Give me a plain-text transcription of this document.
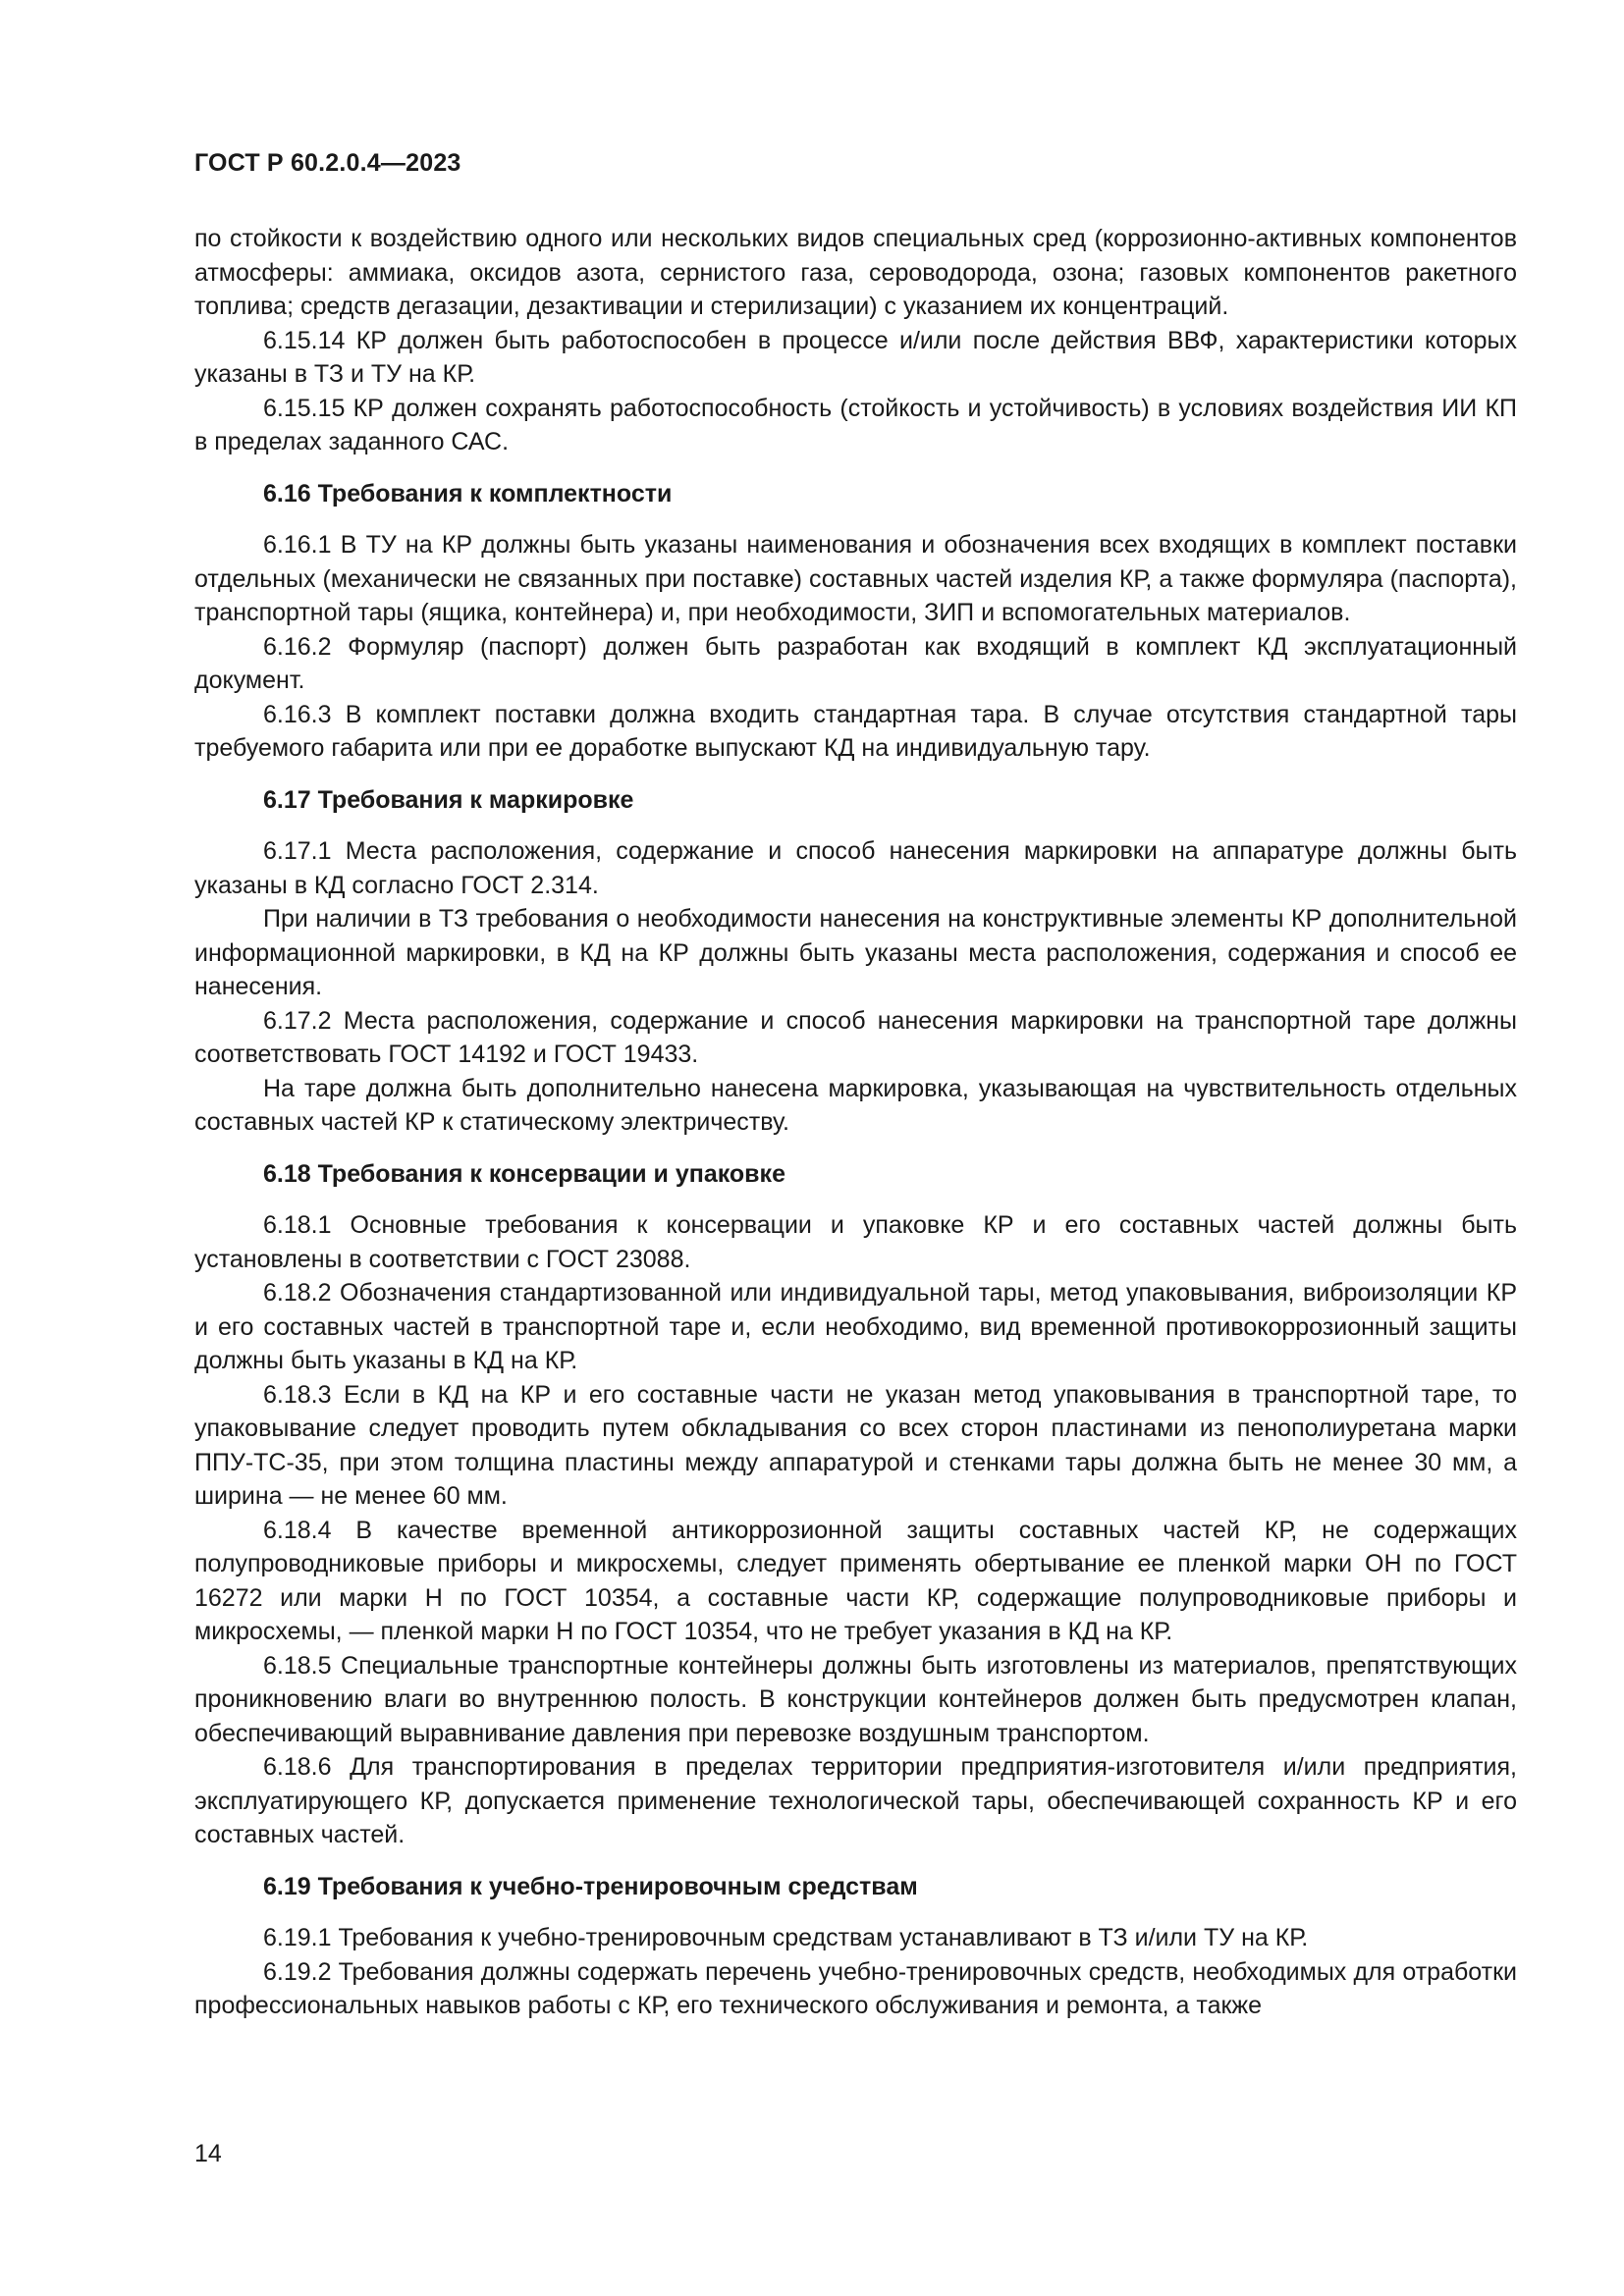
ГОСТ Р 60.2.0.4—2023

по стойкости к воздействию одного или нескольких видов специальных сред (коррозионно-активных компонентов атмосферы: аммиака, оксидов азота, сернистого газа, сероводорода, озона; газовых компонентов ракетного топлива; средств дегазации, дезактивации и стерилизации) с указанием их концентраций.

6.15.14 КР должен быть работоспособен в процессе и/или после действия ВВФ, характеристики которых указаны в ТЗ и ТУ на КР.

6.15.15 КР должен сохранять работоспособность (стойкость и устойчивость) в условиях воздействия ИИ КП в пределах заданного САС.

6.16 Требования к комплектности

6.16.1 В ТУ на КР должны быть указаны наименования и обозначения всех входящих в комплект поставки отдельных (механически не связанных при поставке) составных частей изделия КР, а также формуляра (паспорта), транспортной тары (ящика, контейнера) и, при необходимости, ЗИП и вспомогательных материалов.

6.16.2 Формуляр (паспорт) должен быть разработан как входящий в комплект КД эксплуатационный документ.

6.16.3 В комплект поставки должна входить стандартная тара. В случае отсутствия стандартной тары требуемого габарита или при ее доработке выпускают КД на индивидуальную тару.

6.17 Требования к маркировке

6.17.1 Места расположения, содержание и способ нанесения маркировки на аппаратуре должны быть указаны в КД согласно ГОСТ 2.314.

При наличии в ТЗ требования о необходимости нанесения на конструктивные элементы КР дополнительной информационной маркировки, в КД на КР должны быть указаны места расположения, содержания и способ ее нанесения.

6.17.2 Места расположения, содержание и способ нанесения маркировки на транспортной таре должны соответствовать ГОСТ 14192 и ГОСТ 19433.

На таре должна быть дополнительно нанесена маркировка, указывающая на чувствительность отдельных составных частей КР к статическому электричеству.

6.18 Требования к консервации и упаковке

6.18.1 Основные требования к консервации и упаковке КР и его составных частей должны быть установлены в соответствии с ГОСТ 23088.

6.18.2 Обозначения стандартизованной или индивидуальной тары, метод упаковывания, виброизоляции КР и его составных частей в транспортной таре и, если необходимо, вид временной противокоррозионный защиты должны быть указаны в КД на КР.

6.18.3 Если в КД на КР и его составные части не указан метод упаковывания в транспортной таре, то упаковывание следует проводить путем обкладывания со всех сторон пластинами из пенополиуретана марки ППУ-ТС-35, при этом толщина пластины между аппаратурой и стенками тары должна быть не менее 30 мм, а ширина — не менее 60 мм.

6.18.4 В качестве временной антикоррозионной защиты составных частей КР, не содержащих полупроводниковые приборы и микросхемы, следует применять обертывание ее пленкой марки ОН по ГОСТ 16272 или марки Н по ГОСТ 10354, а составные части КР, содержащие полупроводниковые приборы и микросхемы, — пленкой марки Н по ГОСТ 10354, что не требует указания в КД на КР.

6.18.5 Специальные транспортные контейнеры должны быть изготовлены из материалов, препятствующих проникновению влаги во внутреннюю полость. В конструкции контейнеров должен быть предусмотрен клапан, обеспечивающий выравнивание давления при перевозке воздушным транспортом.

6.18.6 Для транспортирования в пределах территории предприятия-изготовителя и/или предприятия, эксплуатирующего КР, допускается применение технологической тары, обеспечивающей сохранность КР и его составных частей.

6.19 Требования к учебно-тренировочным средствам

6.19.1 Требования к учебно-тренировочным средствам устанавливают в ТЗ и/или ТУ на КР.

6.19.2 Требования должны содержать перечень учебно-тренировочных средств, необходимых для отработки профессиональных навыков работы с КР, его технического обслуживания и ремонта, а также

14
